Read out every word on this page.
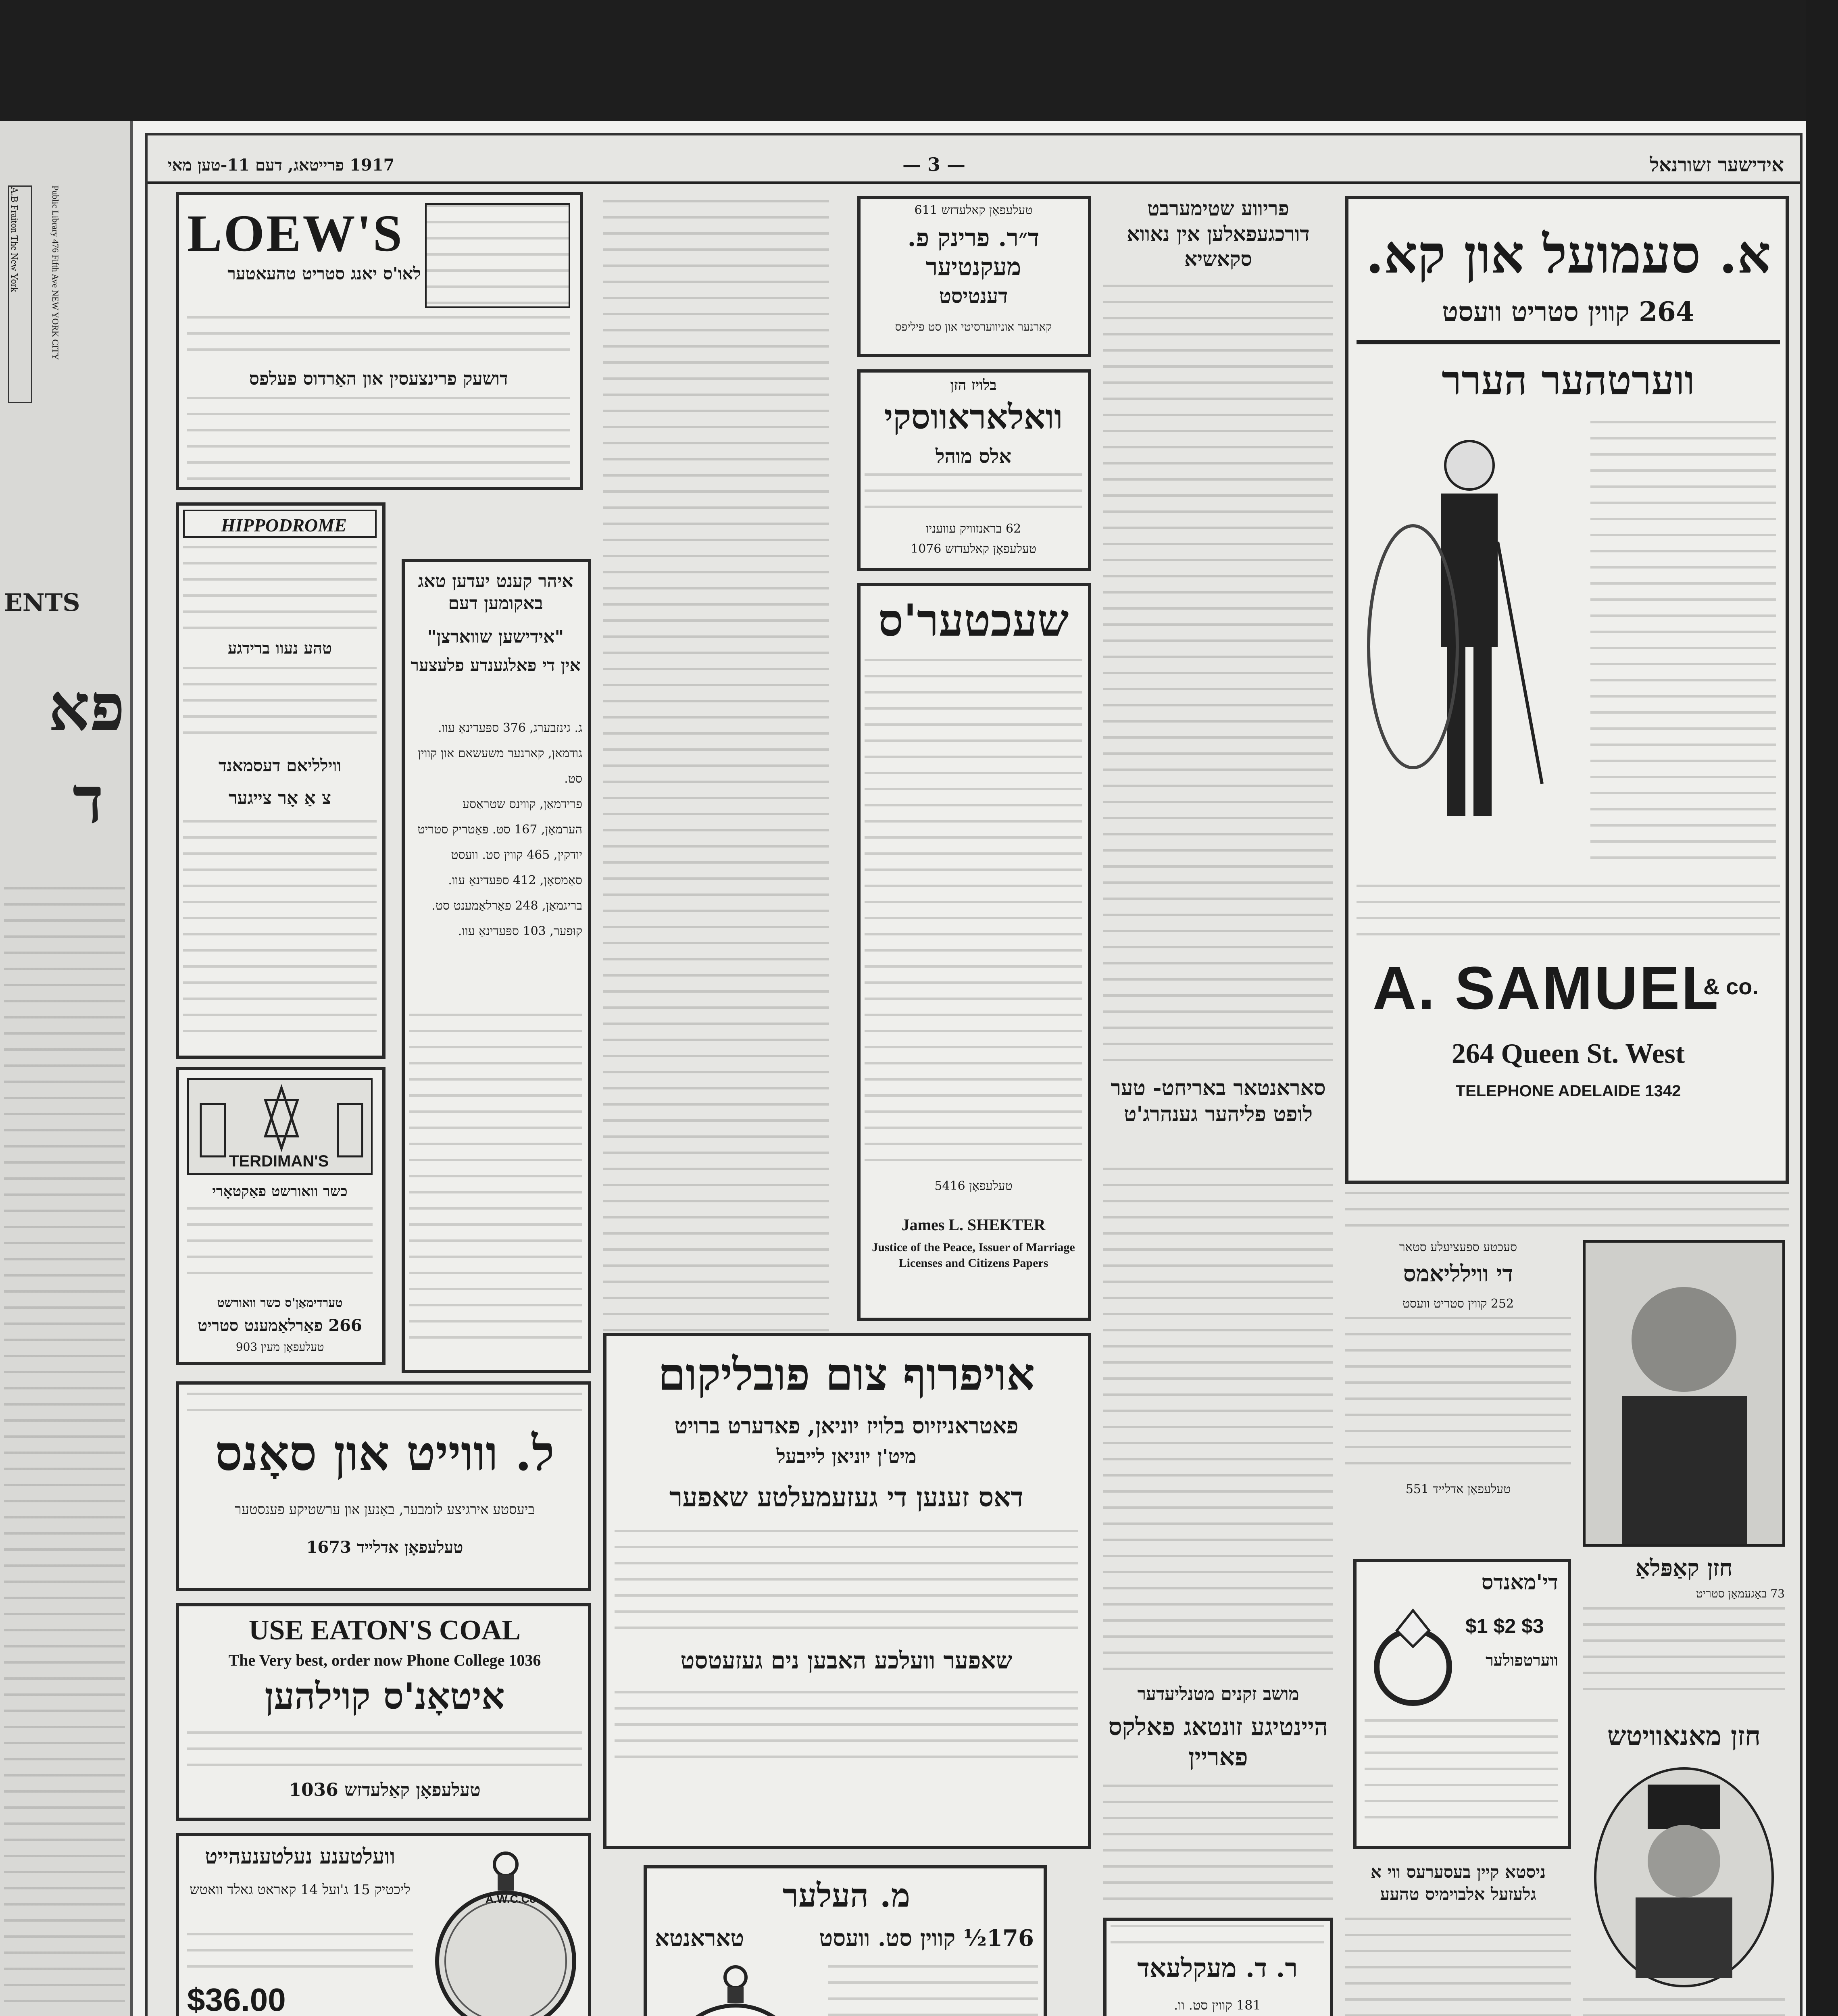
A.B Fraiton The New York
Public Library 476 Fifth Ave NEW YORK CITY
ENTS
פא
ד
1917 פרייטאג, דעם 11-טען מאי	— 3 —	אידישער זשורנאל
LOEW'S
לאו'ס יאנג סטריט טהעאטער
דושעק פרינצעסין און האַרדוס פעלפס
HIPPODROME
טהע נעוו ברידגע
ווילליאם דעסמאנד
צ אַ אָר צייגער
TERDIMAN'S
כשר וואורשט פאַקטאָרי
טערדימאַן'ס כשר וואורשט
266 פאַרלאַמענט סטריט
טעלעפאָן מעין 903
איהר קענט יעדען טאג באקומען דעם
"אידישען שווארצן"
אין די פאלגענדע פלעצער
ג. גינזבערג, 376 ספּעדינאַ עוו.
גודמאן, קארנער משעשאם און קווין סט.
פרידמאַן, קווינס שטראַסע
הערמאַן, 167 סט. פּאַטריק סטריט
יודקין, 465 קווין סט. וועסט
סאַמסאָן, 412 ספּעדינאַ עוו.
בריגמאַן, 248 פאַרלאַמענט סט.
קוּפער, 103 ספּעדינאַ עוו.
ל. וווייט און סאָנס
ביעסטע אירגיצע לומבער, באַנען און ערשטיקע פענסטער
טעלעפאָן אדלייד 1673
USE EATON'S COAL
The Very best, order now Phone College 1036
איטאָנ'ס קוילהען
טעלעפאָן קאַלעדזש 1036
וועלטענע נעלטענעהייט
ליכטיק 15 ג'ועל 14 קאראט גאלד וואטש
$36.00
A.W.C.Co
טעלעפאָן קאלעדזש 611
ד״ר. פרינק פ. מעקנטיער
דענטיסט
קארנער אוניווערסיטי און סט פיליפס
בלויז הזן
וואלאראווסקי
אלס מוהל
62 בראנזוויק עוועניו
טעלעפאָן קאלעדזש 1076
שעכטער'ס
טעלעפאָן 5416
James L. SHEKTER
Justice of the Peace, Issuer of Marriage Licenses and Citizens Papers
אויפרוף צום פובליקום
פאטראניזיוס בלויז יוניאן, פאדערט ברויט
מיט'ן יוניאן לייבעל
דאס זענען די געזעמעלטע שאפער
שאפער וועלכע האבען נים געזעטסט
מ. העלער
176½ קווין סט. וועסט
טאראנטא
פריווע שטימערבט דורכגעפאלען אין נאווא סקאשיא
סאראנטאר באריחט- טער לופט פליהער גענהרג'ט
מושב זקנים מטנליעדער
היינטיגע זונטאג פאלקס פאריין
ר. ד. מעקלעאד
181 קווין סט. וו.
א. סעמועל און קא.
264 קווין סטריט וועסט
ווערטהער הערר
A. SAMUEL
& co.
264 Queen St. West
TELEPHONE ADELAIDE 1342
חזן קאַפּלאַ
73 באַגעמאַן סטריט
סעכטע ספעציעלע סטאר
די ווילליאמס
252 קווין סטריט וועסט
טעלעפאָן אדלייד 551
די'מאנדס
$1 $2 $3
ווערטפולער
חזן מאנאוויטש
ניסטא קיין בעסערעס ווי א גלעזעל אלבוימיס טהעע
